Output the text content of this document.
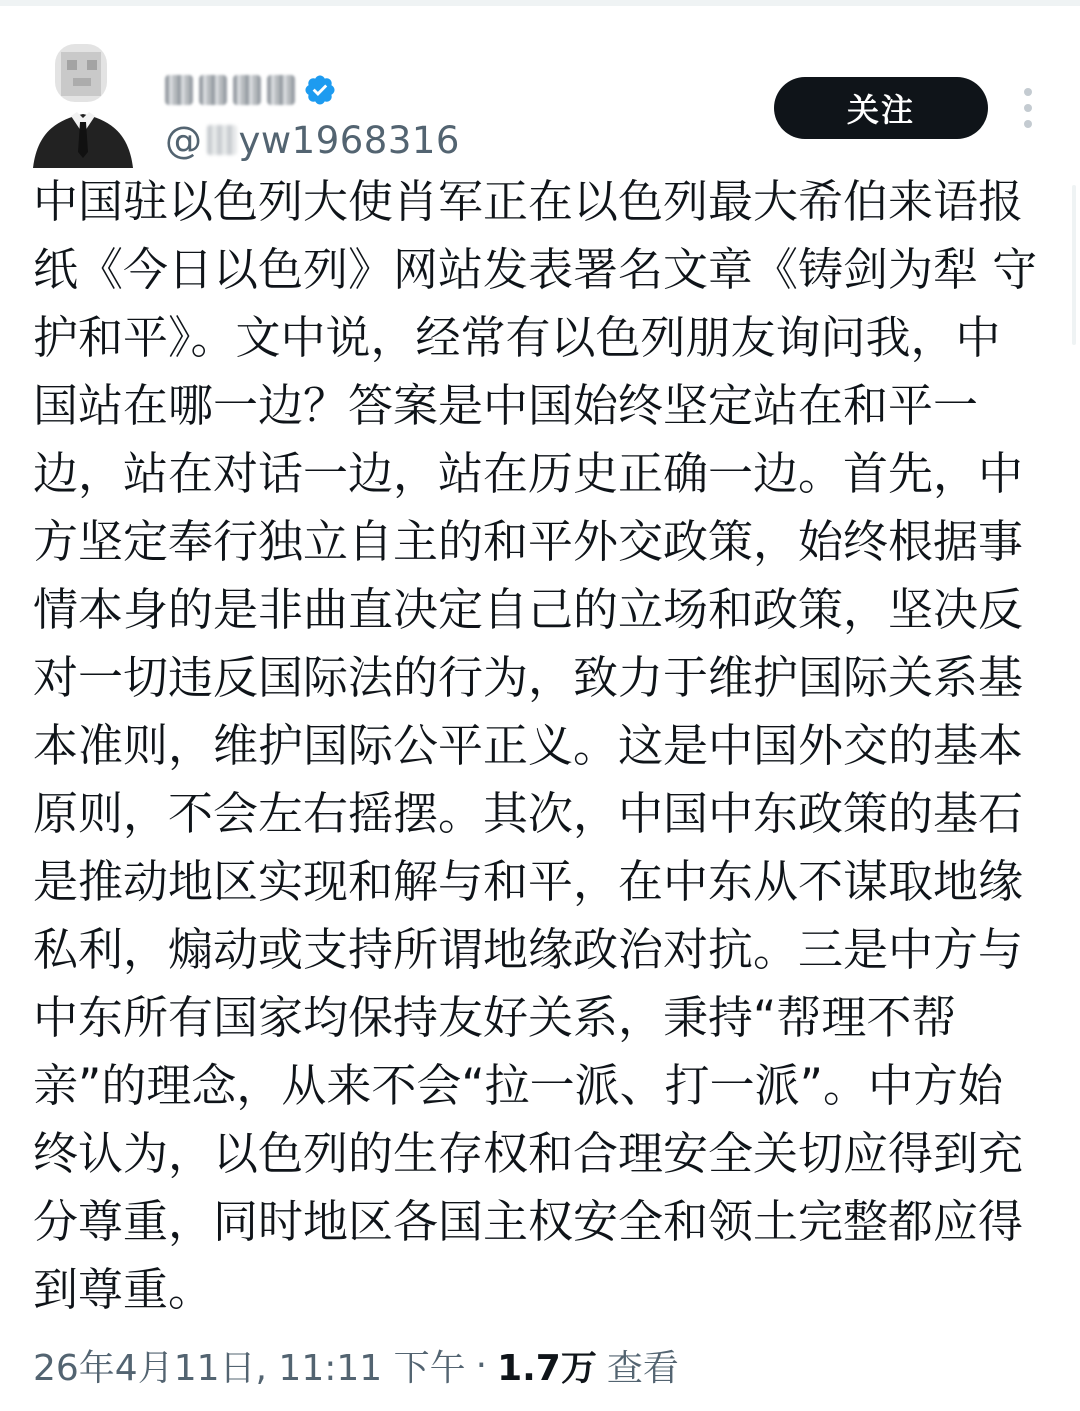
@ yw1968316
关注

中国驻以色列大使肖军正在以色列最大希伯来语报纸《今日以色列》网站发表署名文章《铸剑为犁 守护和平》。文中说，经常有以色列朋友询问我，中国站在哪一边？答案是中国始终坚定站在和平一边，站在对话一边，站在历史正确一边。首先，中方坚定奉行独立自主的和平外交政策，始终根据事情本身的是非曲直决定自己的立场和政策，坚决反对一切违反国际法的行为，致力于维护国际关系基本准则，维护国际公平正义。这是中国外交的基本原则，不会左右摇摆。其次，中国中东政策的基石是推动地区实现和解与和平，在中东从不谋取地缘私利，煽动或支持所谓地缘政治对抗。三是中方与中东所有国家均保持友好关系，秉持“帮理不帮亲”的理念，从来不会“拉一派、打一派”。中方始终认为，以色列的生存权和合理安全关切应得到充分尊重，同时地区各国主权安全和领土完整都应得到尊重。

26年4月11日, 11:11 下午 · 1.7万 查看
